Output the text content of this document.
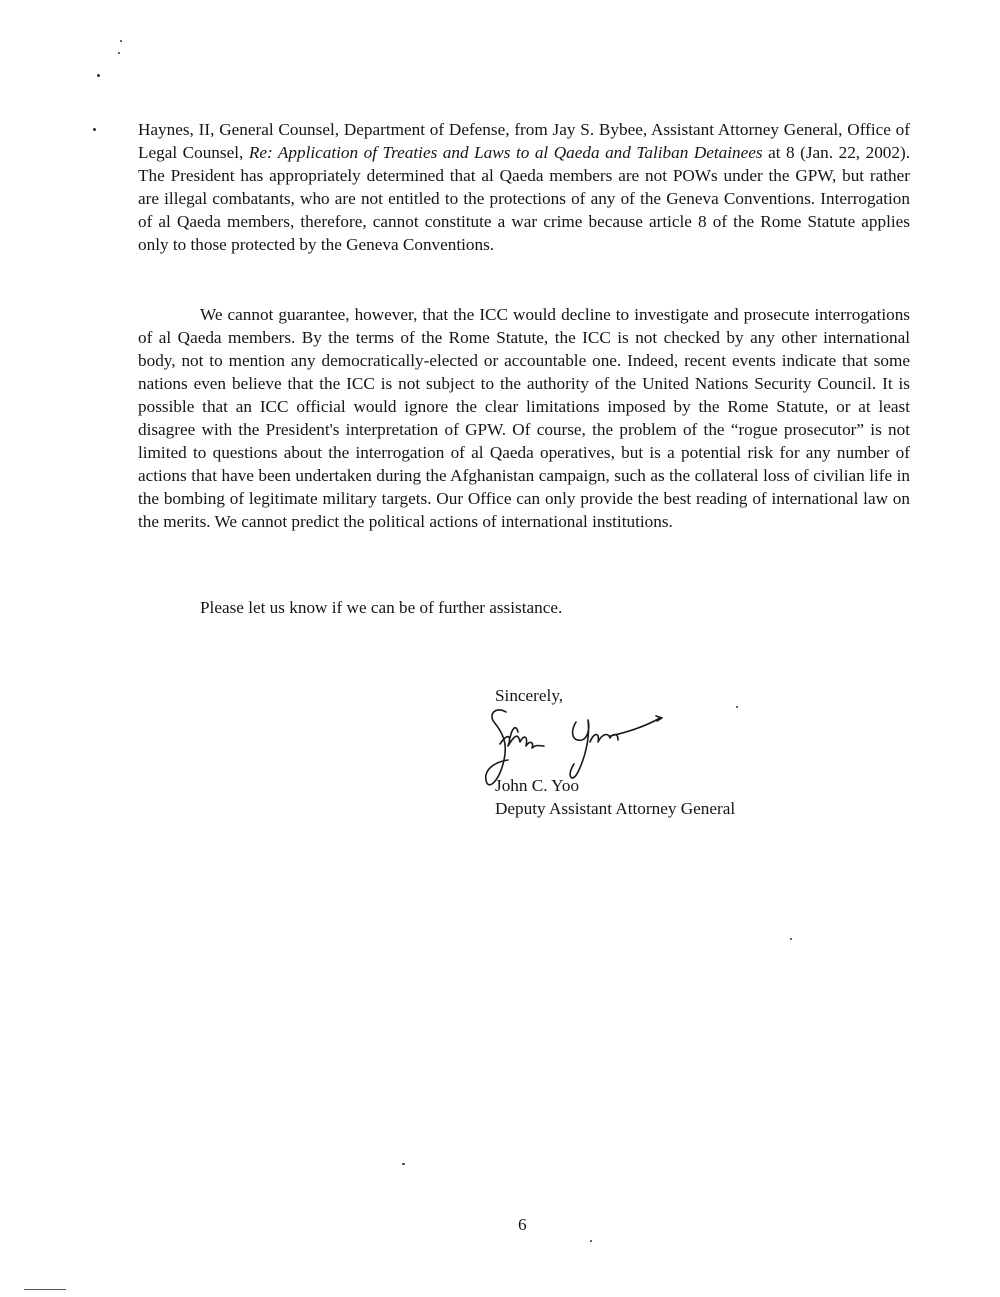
Haynes, II, General Counsel, Department of Defense, from Jay S. Bybee, Assistant Attorney General, Office of Legal Counsel, Re: Application of Treaties and Laws to al Qaeda and Taliban Detainees at 8 (Jan. 22, 2002). The President has appropriately determined that al Qaeda members are not POWs under the GPW, but rather are illegal combatants, who are not entitled to the protections of any of the Geneva Conventions. Interrogation of al Qaeda members, therefore, cannot constitute a war crime because article 8 of the Rome Statute applies only to those protected by the Geneva Conventions.

We cannot guarantee, however, that the ICC would decline to investigate and prosecute interrogations of al Qaeda members. By the terms of the Rome Statute, the ICC is not checked by any other international body, not to mention any democratically-elected or accountable one. Indeed, recent events indicate that some nations even believe that the ICC is not subject to the authority of the United Nations Security Council. It is possible that an ICC official would ignore the clear limitations imposed by the Rome Statute, or at least disagree with the President's interpretation of GPW. Of course, the problem of the “rogue prosecutor” is not limited to questions about the interrogation of al Qaeda operatives, but is a potential risk for any number of actions that have been undertaken during the Afghanistan campaign, such as the collateral loss of civilian life in the bombing of legitimate military targets. Our Office can only provide the best reading of international law on the merits. We cannot predict the political actions of international institutions.

Please let us know if we can be of further assistance.

Sincerely,
John C. Yoo
Deputy Assistant Attorney General
6
